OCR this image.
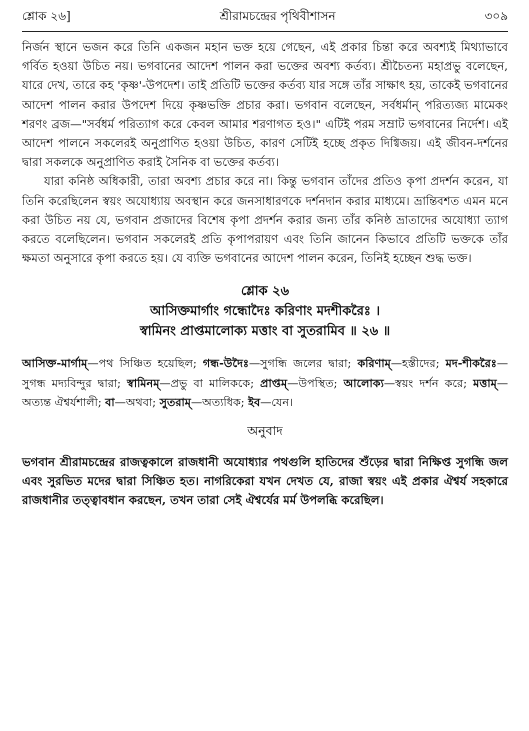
শ্লোক ২৬]	শ্রীরামচন্দ্রের পৃথিবীশাসন	৩০৯

নির্জন স্থানে ভজন করে তিনি একজন মহান ভক্ত হয়ে গেছেন, এই প্রকার চিন্তা করে অবশ্যই মিথ্যাভাবে গর্বিত হওয়া উচিত নয়। ভগবানের আদেশ পালন করা ভক্তের অবশ্য কর্তব্য। শ্রীচৈতন্য মহাপ্রভু বলেছেন, যারে দেখ, তারে কহ 'কৃষ্ণ'-উপদেশ। তাই প্রতিটি ভক্তের কর্তব্য যার সঙ্গে তাঁর সাক্ষাৎ হয়, তাকেই ভগবানের আদেশ পালন করার উপদেশ দিয়ে কৃষ্ণভক্তি প্রচার করা। ভগবান বলেছেন, সর্বধর্মান্ পরিত্যজ্য মামেকং শরণং ব্রজ—"সর্বধর্ম পরিত্যাগ করে কেবল আমার শরণাগত হও।" এটিই পরম সম্রাট ভগবানের নির্দেশ। এই আদেশ পালনে সকলেরই অনুপ্রাণিত হওয়া উচিত, কারণ সেটিই হচ্ছে প্রকৃত দিগ্বিজয়। এই জীবন-দর্শনের দ্বারা সকলকে অনুপ্রাণিত করাই সৈনিক বা ভক্তের কর্তব্য।

যারা কনিষ্ঠ অধিকারী, তারা অবশ্য প্রচার করে না। কিন্তু ভগবান তাঁদের প্রতিও কৃপা প্রদর্শন করেন, যা তিনি করেছিলেন স্বয়ং অযোধ্যায় অবস্থান করে জনসাধারণকে দর্শনদান করার মাধ্যমে। ভ্রান্তিবশত এমন মনে করা উচিত নয় যে, ভগবান প্রজাদের বিশেষ কৃপা প্রদর্শন করার জন্য তাঁর কনিষ্ঠ ভ্রাতাদের অযোধ্যা ত্যাগ করতে বলেছিলেন। ভগবান সকলেরই প্রতি কৃপাপরায়ণ এবং তিনি জানেন কিভাবে প্রতিটি ভক্তকে তাঁর ক্ষমতা অনুসারে কৃপা করতে হয়। যে ব্যক্তি ভগবানের আদেশ পালন করেন, তিনিই হচ্ছেন শুদ্ধ ভক্ত।

শ্লোক ২৬
আসিক্তমার্গাং গন্ধোদৈঃ করিণাং মদশীকরৈঃ ।
স্বামিনং প্রাপ্তমালোক্য মত্তাং বা সুতরামিব ॥ ২৬ ॥
আসিক্ত-মার্গাম্—পথ সিঞ্চিত হয়েছিল; গন্ধ-উদৈঃ—সুগন্ধি জলের দ্বারা; করিণাম্—হস্তীদের; মদ-শীকরৈঃ—সুগন্ধ মদ্যবিন্দুর দ্বারা; স্বামিনম্—প্রভু বা মালিককে; প্রাপ্তম্—উপস্থিত; আলোক্য—স্বয়ং দর্শন করে; মত্তাম্—অত্যন্ত ঐশ্বর্যশালী; বা—অথবা; সুতরাম্—অত্যধিক; ইব—যেন।
অনুবাদ

ভগবান শ্রীরামচন্দ্রের রাজত্বকালে রাজধানী অযোধ্যার পথগুলি হাতিদের শুঁড়ের দ্বারা নিক্ষিপ্ত সুগন্ধি জল এবং সুরভিত মদের দ্বারা সিঞ্চিত হত। নাগরিকেরা যখন দেখত যে, রাজা স্বয়ং এই প্রকার ঐশ্বর্য সহকারে রাজধানীর তত্ত্বাবধান করছেন, তখন তারা সেই ঐশ্বর্যের মর্ম উপলব্ধি করেছিল।
